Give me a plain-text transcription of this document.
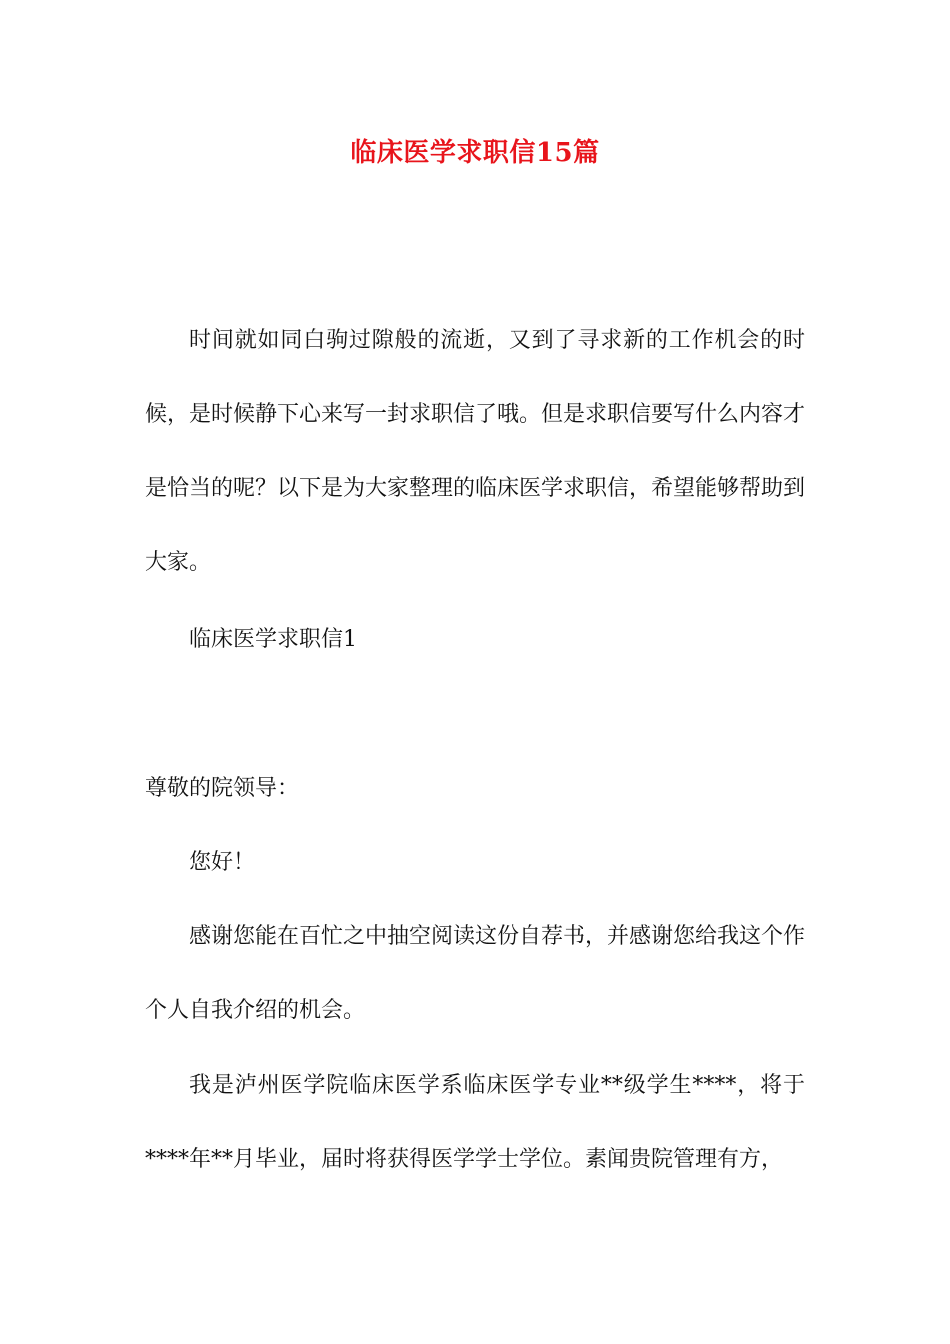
临床医学求职信15篇
时间就如同白驹过隙般的流逝，又到了寻求新的工作机会的时候，是时候静下心来写一封求职信了哦。但是求职信要写什么内容才是恰当的呢？以下是为大家整理的临床医学求职信，希望能够帮助到大家。
临床医学求职信1
尊敬的院领导：
您好！
感谢您能在百忙之中抽空阅读这份自荐书，并感谢您给我这个作个人自我介绍的机会。
我是泸州医学院临床医学系临床医学专业**级学生****，将于****年**月毕业，届时将获得医学学士学位。素闻贵院管理有方，
